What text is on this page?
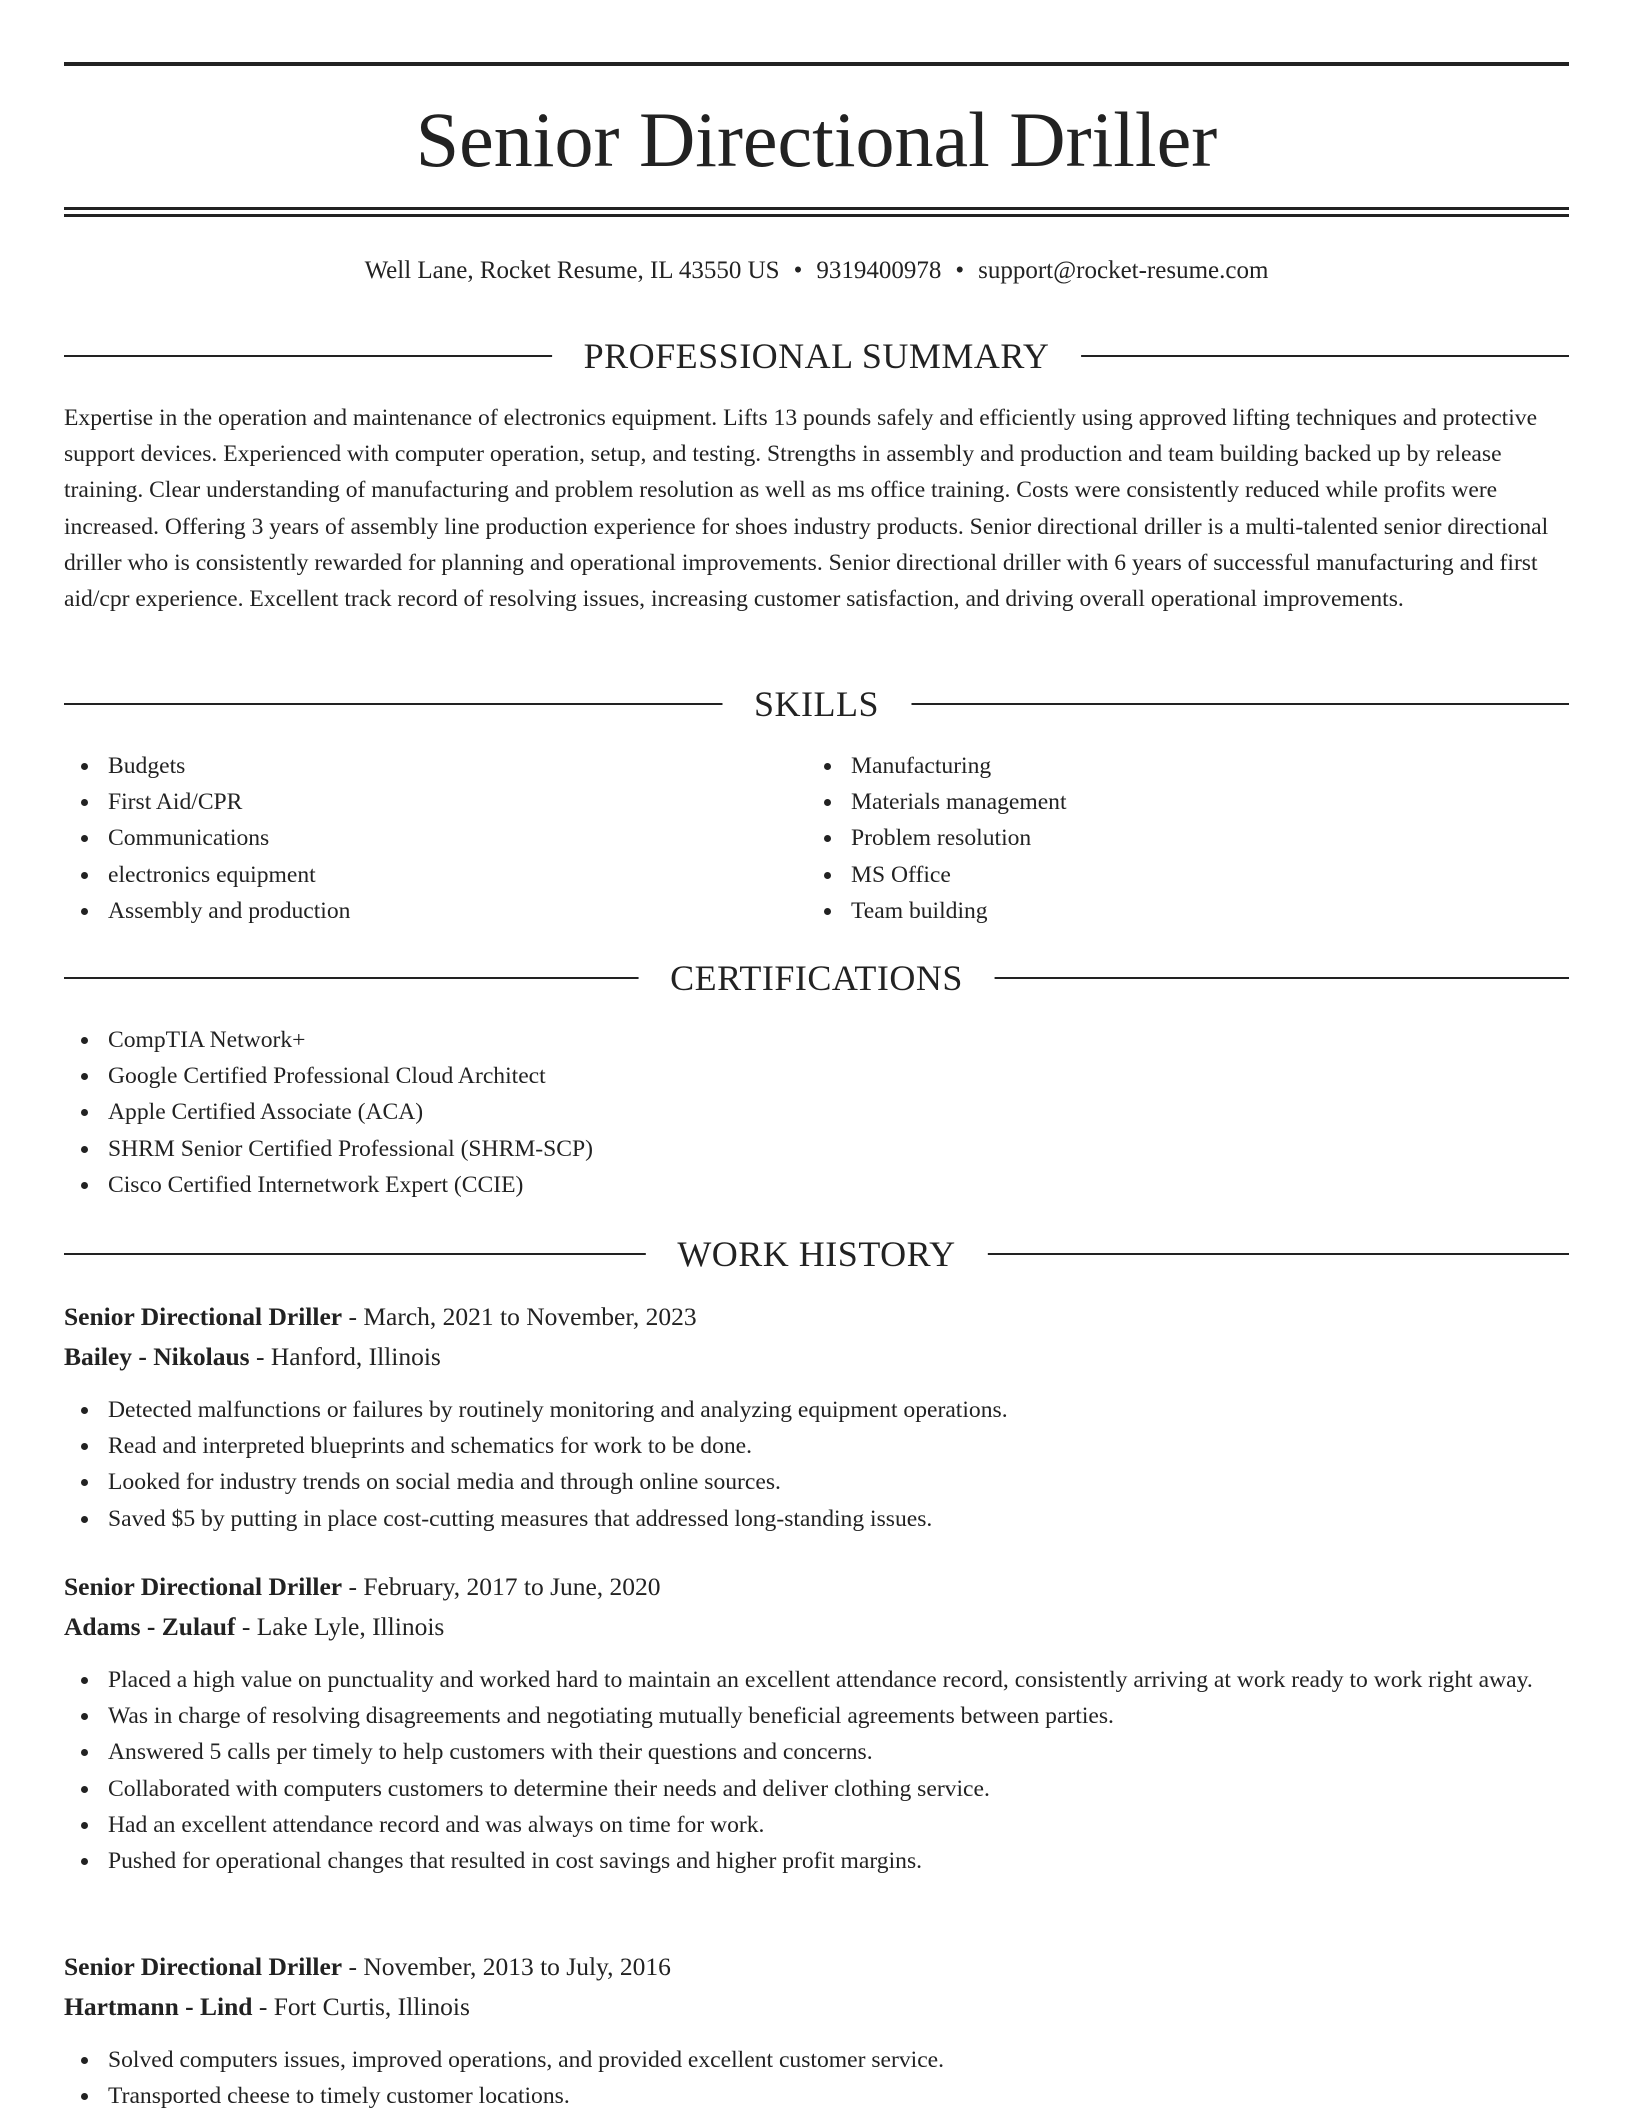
Senior Directional Driller
Well Lane, Rocket Resume, IL 43550 US • 9319400978 • support@rocket-resume.com
PROFESSIONAL SUMMARY

Expertise in the operation and maintenance of electronics equipment. Lifts 13 pounds safely and efficiently using approved lifting techniques and protective support devices. Experienced with computer operation, setup, and testing. Strengths in assembly and production and team building backed up by release training. Clear understanding of manufacturing and problem resolution as well as ms office training. Costs were consistently reduced while profits were increased. Offering 3 years of assembly line production experience for shoes industry products. Senior directional driller is a multi-talented senior directional driller who is consistently rewarded for planning and operational improvements. Senior directional driller with 6 years of successful manufacturing and first aid/cpr experience. Excellent track record of resolving issues, increasing customer satisfaction, and driving overall operational improvements.

SKILLS
Budgets
First Aid/CPR
Communications
electronics equipment
Assembly and production
Manufacturing
Materials management
Problem resolution
MS Office
Team building
CERTIFICATIONS
CompTIA Network+
Google Certified Professional Cloud Architect
Apple Certified Associate (ACA)
SHRM Senior Certified Professional (SHRM-SCP)
Cisco Certified Internetwork Expert (CCIE)
WORK HISTORY
Senior Directional Driller - March, 2021 to November, 2023
Bailey - Nikolaus - Hanford, Illinois
Detected malfunctions or failures by routinely monitoring and analyzing equipment operations.
Read and interpreted blueprints and schematics for work to be done.
Looked for industry trends on social media and through online sources.
Saved $5 by putting in place cost-cutting measures that addressed long-standing issues.
Senior Directional Driller - February, 2017 to June, 2020
Adams - Zulauf - Lake Lyle, Illinois
Placed a high value on punctuality and worked hard to maintain an excellent attendance record, consistently arriving at work ready to work right away.
Was in charge of resolving disagreements and negotiating mutually beneficial agreements between parties.
Answered 5 calls per timely to help customers with their questions and concerns.
Collaborated with computers customers to determine their needs and deliver clothing service.
Had an excellent attendance record and was always on time for work.
Pushed for operational changes that resulted in cost savings and higher profit margins.
Senior Directional Driller - November, 2013 to July, 2016
Hartmann - Lind - Fort Curtis, Illinois
Solved computers issues, improved operations, and provided excellent customer service.
Transported cheese to timely customer locations.
